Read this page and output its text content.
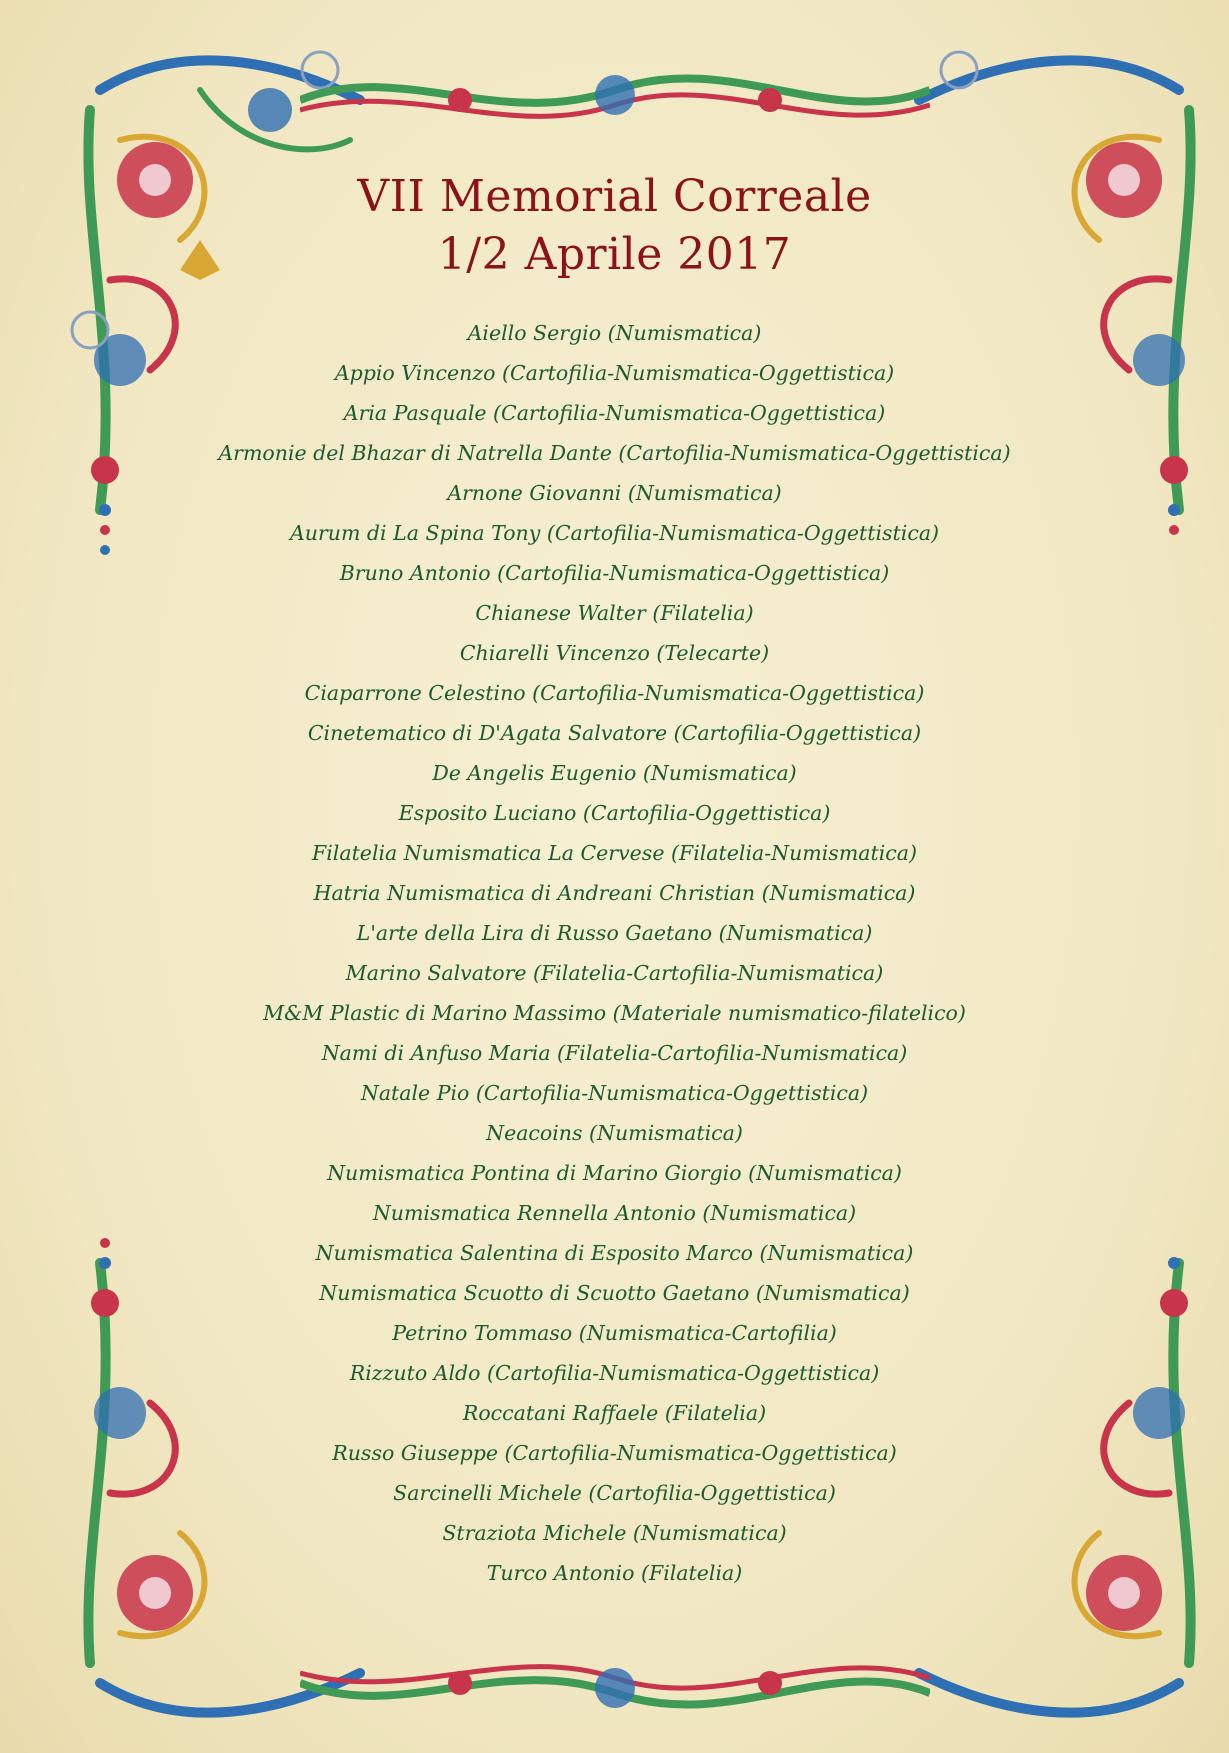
VII Memorial Correale
1/2 Aprile 2017
Aiello Sergio (Numismatica)
Appio Vincenzo (Cartofilia-Numismatica-Oggettistica)
Aria Pasquale (Cartofilia-Numismatica-Oggettistica)
Armonie del Bhazar di Natrella Dante (Cartofilia-Numismatica-Oggettistica)
Arnone Giovanni (Numismatica)
Aurum di La Spina Tony (Cartofilia-Numismatica-Oggettistica)
Bruno Antonio (Cartofilia-Numismatica-Oggettistica)
Chianese Walter (Filatelia)
Chiarelli Vincenzo (Telecarte)
Ciaparrone Celestino (Cartofilia-Numismatica-Oggettistica)
Cinetematico di D'Agata Salvatore (Cartofilia-Oggettistica)
De Angelis Eugenio (Numismatica)
Esposito Luciano (Cartofilia-Oggettistica)
Filatelia Numismatica La Cervese (Filatelia-Numismatica)
Hatria Numismatica di Andreani Christian (Numismatica)
L'arte della Lira di Russo Gaetano (Numismatica)
Marino Salvatore (Filatelia-Cartofilia-Numismatica)
M&M Plastic di Marino Massimo (Materiale numismatico-filatelico)
Nami di Anfuso Maria (Filatelia-Cartofilia-Numismatica)
Natale Pio (Cartofilia-Numismatica-Oggettistica)
Neacoins (Numismatica)
Numismatica Pontina di Marino Giorgio (Numismatica)
Numismatica Rennella Antonio (Numismatica)
Numismatica Salentina di Esposito Marco (Numismatica)
Numismatica Scuotto di Scuotto Gaetano (Numismatica)
Petrino Tommaso (Numismatica-Cartofilia)
Rizzuto Aldo (Cartofilia-Numismatica-Oggettistica)
Roccatani Raffaele (Filatelia)
Russo Giuseppe (Cartofilia-Numismatica-Oggettistica)
Sarcinelli Michele (Cartofilia-Oggettistica)
Straziota Michele (Numismatica)
Turco Antonio (Filatelia)
